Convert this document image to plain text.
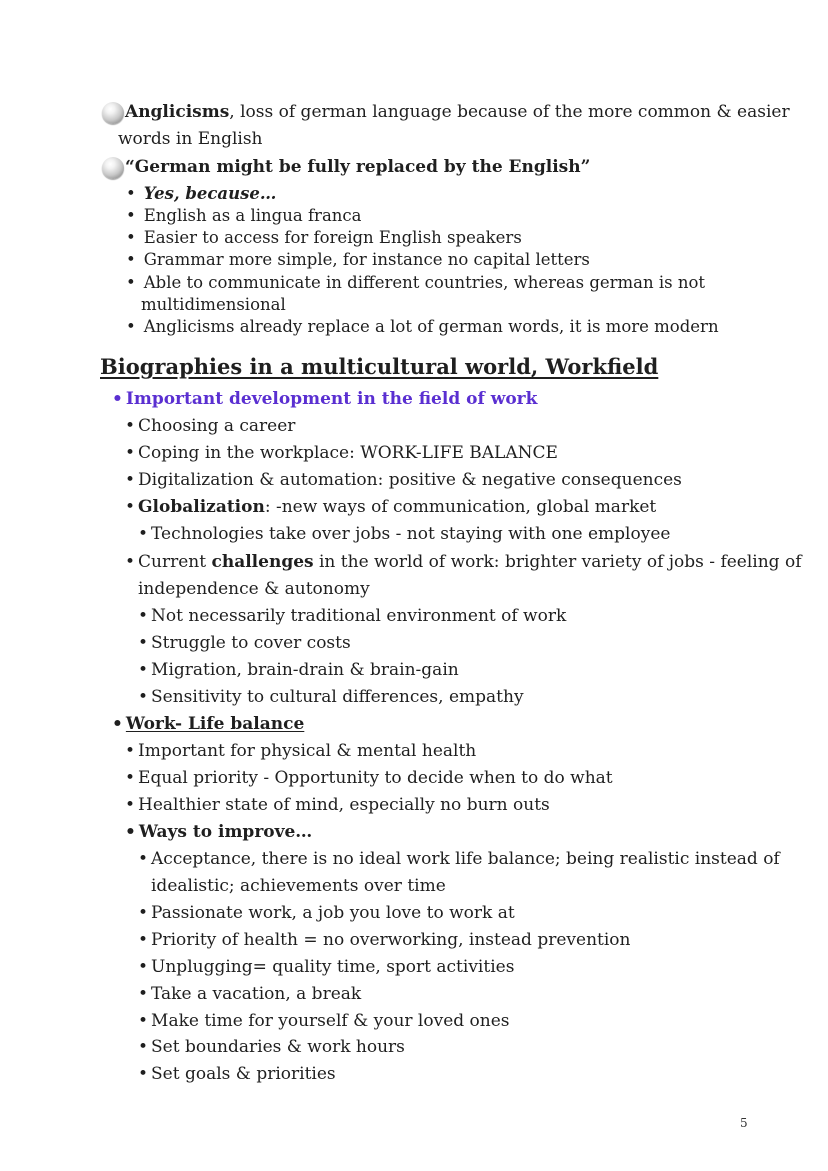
Anglicisms, loss of german language because of the more common & easier
words in English
“German might be fully replaced by the English”
• Yes, because…
• English as a lingua franca
• Easier to access for foreign English speakers
• Grammar more simple, for instance no capital letters
• Able to communicate in different countries, whereas german is not
multidimensional
• Anglicisms already replace a lot of german words, it is more modern
Biographies in a multicultural world, Workfield
• Important development in the field of work
• Choosing a career
• Coping in the workplace: WORK-LIFE BALANCE
• Digitalization & automation: positive & negative consequences
• Globalization: -new ways of communication, global market
• Technologies take over jobs - not staying with one employee
• Current challenges in the world of work: brighter variety of jobs - feeling of
independence & autonomy
• Not necessarily traditional environment of work
• Struggle to cover costs
• Migration, brain-drain & brain-gain
• Sensitivity to cultural differences, empathy
• Work- Life balance
• Important for physical & mental health
• Equal priority - Opportunity to decide when to do what
• Healthier state of mind, especially no burn outs
• Ways to improve…
• Acceptance, there is no ideal work life balance; being realistic instead of
idealistic; achievements over time
• Passionate work, a job you love to work at
• Priority of health = no overworking, instead prevention
• Unplugging= quality time, sport activities
• Take a vacation, a break
• Make time for yourself & your loved ones
• Set boundaries & work hours
• Set goals & priorities
5
